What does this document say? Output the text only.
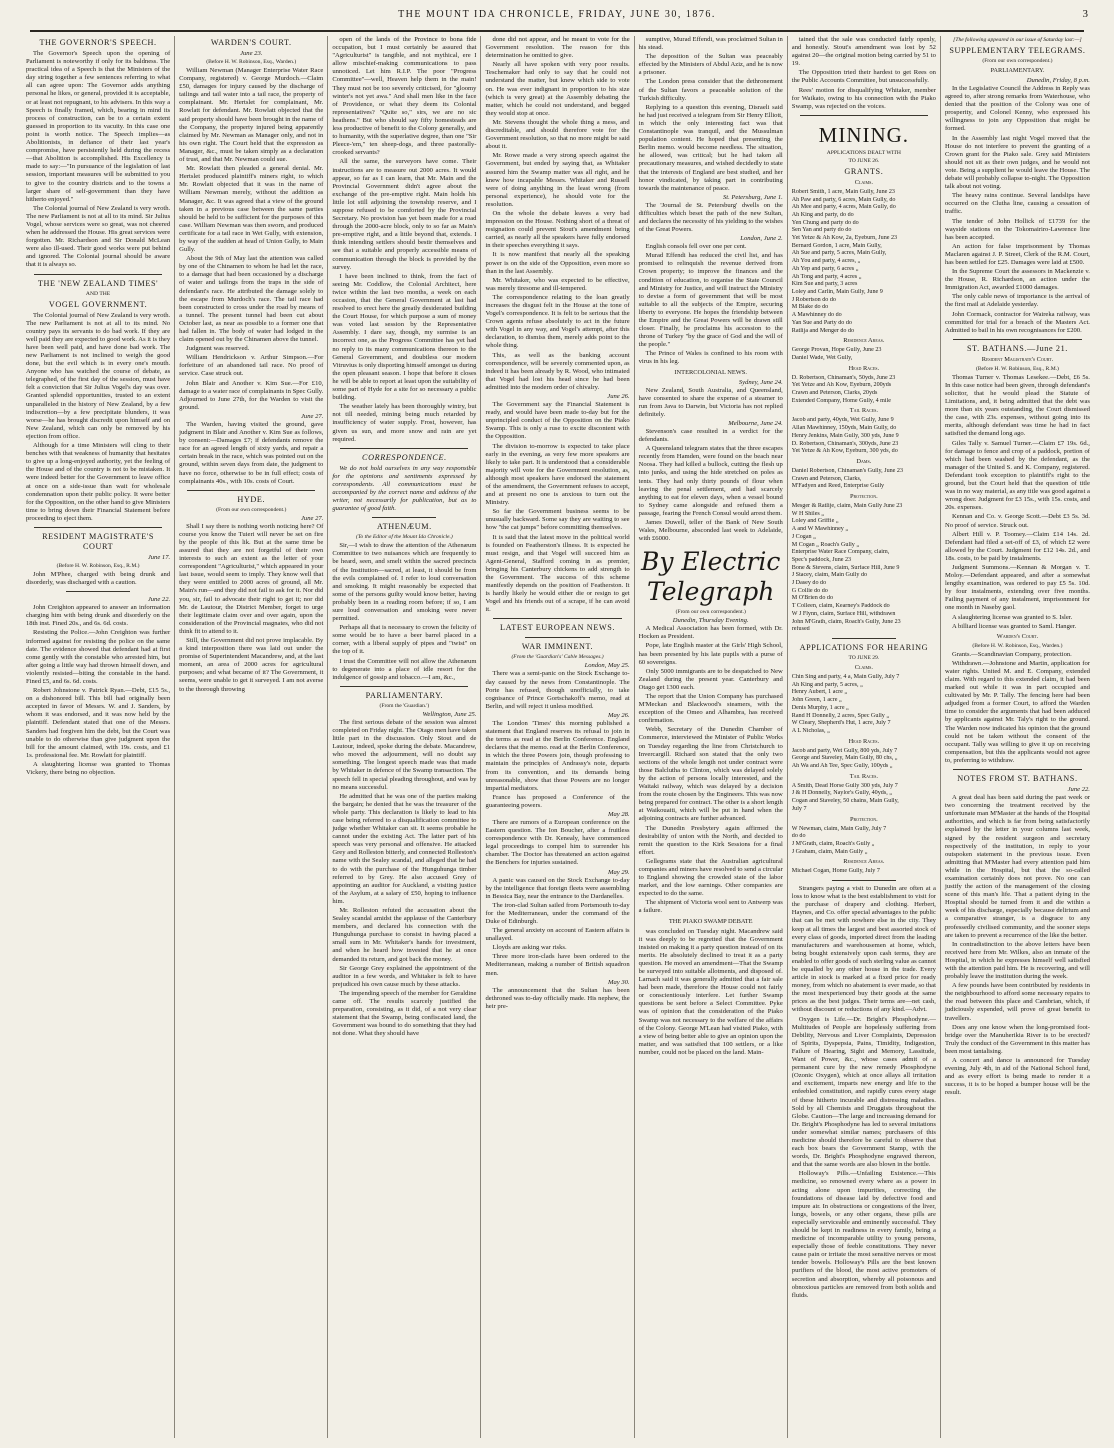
THE MOUNT IDA CHRONICLE, FRIDAY, JUNE 30, 1876.	3
THE GOVERNOR'S SPEECH.

The Governor's Speech upon the opening of Parliament is noteworthy if only for its baldness. The practical idea of a Speech is that the Ministers of the day string together a few sentences referring to what all can agree upon: The Governor adds anything personal he likes, or general, provided it is acceptable, or at least not repugnant, to his advisers. In this way a Speech is finally framed, which, bearing in mind its process of construction, can be to a certain extent guessed in proportion to its vacuity. In this case one point is worth notice. The Speech implies—as Abolitionists, in defiance of their last year's compromise, have persistently held during the recess—that Abolition is accomplished. His Excellency is made to say:—"In pursuance of the legislation of last session, important measures will be submitted to you to give to the country districts and to the towns a larger share of self-government than they have hitherto enjoyed."

The Colonial journal of New Zealand is very wroth. The new Parliament is not at all to its mind. Sir Julius Vogel, whose services were so great, was not cheered when he addressed the House. His great services were forgotten. Mr. Richardson and Sir Donald McLean were also ill-used. Their good works were put behind and ignored. The Colonial journal should be aware that it is always so.

THE 'NEW ZEALAND TIMES'
AND THE
VOGEL GOVERNMENT.

The Colonial journal of New Zealand is very wroth. The new Parliament is not at all to its mind. No country pays its servants to do bad work. If they are well paid they are expected to good work. As it is they have been well paid, and have done bad work. The new Parliament is not inclined to weigh the good done, but the evil which is in every one's mouth. Anyone who has watched the course of debate, as telegraphed, of the first day of the session, must have felt a conviction that Sir Julius Vogel's day was over. Granted splendid opportunities, trusted to an extent unparalleled in the history of New Zealand, by a few indiscretion—by a few precipitate blunders, it was worse—he has brought discredit upon himself and on New Zealand, which can only be removed by his ejection from office.

Although for a time Ministers will cling to their benches with that weakness of humanity that hesitates to give up a long-enjoyed authority, yet the feeling of the House and of the country is not to be mistaken. It were indeed better for the Government to leave office at once on a side-issue than wait for wholesale condemnation upon their public policy. It were better for the Opposition, on the other hand to give Ministers time to bring down their Financial Statement before proceeding to eject them.

RESIDENT MAGISTRATE'S COURT
June 17.
(Before H. W. Robinson, Esq., R.M.)

John M'Phee, charged with being drunk and disorderly, was discharged with a caution.

June 22.

John Creighton appeared to answer an information charging him with being drunk and disorderly on the 18th inst. Fined 20s., and 6s. 6d. costs.

Resisting the Police.—John Creighton was further informed against for resisting the police on the same date. The evidence showed that defendant had at first come gently with the constable who arrested him, but after going a little way had thrown himself down, and violently resisted—biting the constable in the hand. Fined £5, and 6s. 6d. costs.

Robert Johnstone v. Patrick Ryan.—Debt, £15 5s., on a dishonored bill. This bill had originally been accepted in favor of Messrs. W. and J. Sanders, by whom it was endorsed, and it was now held by the plaintiff. Defendant stated that one of the Messrs. Sanders had forgiven him the debt, but the Court was unable to do otherwise than give judgment upon the bill for the amount claimed, with 19s. costs, and £1 1s. professional fee. Mr. Rowlatt for plaintiff.

A slaughtering license was granted to Thomas Vickery, there being no objection.

WARDEN'S COURT.
June 23.
(Before H. W. Robinson, Esq., Warden.)

William Newman (Manager Enterprise Water Race Company, registered) v. George Murdoch.—Claim £50, damages for injury caused by the discharge of tailings and tail water into a tail race, the property of complainant. Mr. Hertslet for complainant, Mr. Rowlatt for defendant. Mr. Rowlatt objected that the said property should have been brought in the name of the Company, the property injured being apparently claimed by Mr. Newman as Manager only, and not in his own right. The Court held that the expression as Manager, &c., must be taken simply as a declaration of trust, and that Mr. Newman could sue.

Mr. Rowlatt then pleaded a general denial. Mr. Hertslet produced plaintiff's miners right, to which Mr. Rowlatt objected that it was in the name of William Newman merely, without the addition as Manager, &c. It was agreed that a view of the ground taken in a previous case between the same parties should be held to be sufficient for the purposes of this case. William Newman was then sworn, and produced certificate for a tail race in Wet Gully, with extension, by way of the sudden at head of Union Gully, to Main Gully.

About the 9th of May last the attention was called by one of the Chinamen to whom he had let the race, to a damage that had been occasioned by a discharge of water and tailings from the traps in the side of defendant's race. He attributed the damage solely to the escape from Murdoch's race. The tail race had been constructed to cross under the road by means of a tunnel. The present tunnel had been cut about October last, as near as possible to a former one that had fallen in. The body of water had lodged in the claim opened out by the Chinamen above the tunnel.

Judgment was reserved.

William Hendrickson v. Arthur Simpson.—For forfeiture of an abandoned tail race. No proof of service. Case struck out.

John Blair and Another v. Kim Sue.—For £10, damage to a water race of complainants in Spec Gully. Adjourned to June 27th, for the Warden to visit the ground.

June 27.

The Warden, having visited the ground, gave judgment in Blair and Another v. Kim Sue as follows, by consent:—Damages £7; if defendants remove the race for an agreed length of sixty yards, and repair a certain break in the race, which was pointed out on the ground, within seven days from date, the judgment to have no force, otherwise to be in full effect; costs of complainants 40s., with 10s. costs of Court.

HYDE.
(From our own correspondent.)
June 27.

Shall I say there is nothing worth noticing here? Of course you know the Tuieri will never be set on fire by the people of this lik. But at the same time be assured that they are not forgetful of their own interests to such an extent as the letter of your correspondent "Agriculturist," which appeared in your last issue, would seem to imply. They know well that they were entitled to 2000 acres of ground, all Mr. Main's run—and they did not fail to ask for it. Nor did you, sir, fail to advocate their right to get it; nor did Mr. de Lautour, the District Member, forget to urge their legitimate claim over and over again, upon the consideration of the Provincial magnates, who did not think fit to attend to it.

Still, the Government did not prove implacable. By a kind interposition there was laid out under the promise of Superintendent Macandrew, and, at the last moment, an area of 2000 acres for agricultural purposes; and what became of it? The Government, it seems, were unable to get it surveyed. I am not averse to the thorough throwing

open of the lands of the Province to bona fide occupation, but I must certainly be assured that "Agriculturist" is tangible, and not mythical, ere I allow mischief-making communications to pass unnoticed. Let him R.I.P. The poor "Progress Committee"—well, Heaven help them in the main! They must not be too severely criticised, for "gloomy winter's not yet awa." And shall men like in the face of Providence, or what they deem its Colonial representatives? "Quite so," sirs, we are no sic heathens." But who should say fifty homesteads are less productive of benefit to the Colony generally, and to humanity, with the superlative degree, than one "Sir Pleece-'em," ten sheep-dogs, and three pastorally-crooked servants?

All the same, the surveyors have come. Their instructions are to measure out 2000 acres. It would appear, so far as I can learn, that Mr. Main and the Provincial Government didn't agree about the exchange of the pre-emptive right. Main holds his little lot still adjoining the township reserve, and I suppose refused to be comforted by the Provincial Secretary. No provision has yet been made for a road through the 2000-acre block, only to so far as Main's pre-emptive right, and a little beyond that, extends. I think intending settlers should bestir themselves and see that a suitable and properly accessible means of communication through the block is provided by the survey.

I have been inclined to think, from the fact of seeing Mr. Coddlow, the Colonial Architect, here twice within the last two months, a week on each occasion, that the General Government at last had resolved to erect here the greatly desiderated building the Court House, for which purpose a sum of money was voted last session by the Representative Assembly. I dare say, though, my surmise is an incorrect one, as the Progress Committee has yet had no reply to its many communications thereon to the General Government, and doubtless our modern Vitruvius is only disporting himself amongst us during the open pleasant season. I hope that before it closes he will be able to report at least upon the suitability of some part of Hyde for a site for so necessary a public building.

The weather lately has been thoroughly wintry, but not till needed, mining being much retarded by insufficiency of water supply. Frost, however, has given us sun, and more snow and rain are yet required.

CORRESPONDENCE.

We do not hold ourselves in any way responsible for the opinions and sentiments expressed by correspondents. All communications must be accompanied by the correct name and address of the writer, not necessarily for publication, but as to guarantee of good faith.

ATHENÆUM.
(To the Editor of the Mount Ida Chronicle.)

Sir,—I wish to draw the attention of the Athenæum Committee to two nuisances which are frequently to be heard, seen, and smelt within the sacred precincts of the Institution—sacred, at least, it should be from the evils complained of. I refer to loud conversation and smoking. It might reasonably be expected that some of the persons guilty would know better, having probably been in a reading room before; if so, I am sure loud conversation and smoking were never permitted.

Perhaps all that is necessary to crown the felicity of some would be to have a beer barrel placed in a corner, with a liberal supply of pipes and "twist" on the top of it.

I trust the Committee will not allow the Athenæum to degenerate into a place of idle resort for the indulgence of gossip and tobacco.—I am, &c.,

PARLIAMENTARY.
(From the 'Guardian.')
Wellington, June 25.

The first serious debate of the session was almost completed on Friday night. The Otago men have taken little part in the discussion. Only Stout and de Lautour, indeed, spoke during the debate. Macandrew, who moved the adjournment, will no doubt say something. The longest speech made was that made by Whitaker in defence of the Swamp transaction. The speech fell in special pleading throughout, and was by no means successful.

He admitted that he was one of the parties making the bargain; he denied that he was the treasurer of the whole party. This declaration is likely to lead to his case being referred to a disqualification committee to judge whether Whitaker can sit. It seems probable he cannot under the existing Act. The latter part of his speech was very personal and offensive. He attacked Grey and Rolleston bitterly, and connected Rolleston's name with the Sealey scandal, and alleged that he had to do with the purchase of the Hunguhunga timber referred to by Grey. He also accused Grey of appointing an auditor for Auckland, a visiting justice of the Asylum, at a salary of £50, hoping to influence him.

Mr. Rolleston refuted the accusation about the Sealey scandal amidst the applause of the Canterbury members, and declared his connection with the Hunguhunga purchase to consist in having placed a small sum in Mr. Whitaker's hands for investment, and when he heard how invested that he at once demanded its return, and got back the money.

Sir George Grey explained the appointment of the auditor in a few words, and Whitaker is felt to have prejudiced his own cause much by these attacks.

The impending speech of the member for Geraldine came off. The results scarcely justified the preparation, consisting, as it did, of a not very clear statement that the Swamp, being confiscated land, the Government was bound to do something that they had not done. What they should have

done did not appear, and he meant to vote for the Government resolution. The reason for this determination he omitted to give.

Nearly all have spoken with very poor results. Teschemaker had only to say that he could not understand the matter, but knew which side to vote on. He was ever indignant in proportion to his size (which is very great) at the Assembly debating the matter, which he could not understand, and begged they would stop at once.

Mr. Stevens thought the whole thing a mess, and discreditable, and should therefore vote for the Government resolution, so that no more might be said about it.

Mr. Rowe made a very strong speech against the Government, but ended by saying that, as Whitaker assured him the Swamp matter was all right, and he knew how incapable Messrs. Whitaker and Russell were of doing anything in the least wrong (from personal experience), he should vote for the resolution.

On the whole the debate leaves a very bad impression on the House. Nothing short of a threat of resignation could prevent Stout's amendment being carried, as nearly all the speakers have fully endorsed in their speeches everything it says.

It is now manifest that nearly all the speaking power is on the side of the Opposition, even more so than in the last Assembly.

Mr. Whitaker, who was expected to be effective, was merely tiresome and ill-tempered.

The correspondence relating to the loan greatly increases the disgust felt in the House at the tone of Vogel's correspondence. It is felt to be serious that the Crown agents refuse absolutely to act in the future with Vogel in any way, and Vogel's attempt, after this declaration, to dismiss them, merely adds point to the whole thing.

This, as well as the banking account correspondence, will be severely commented upon, as indeed it has been already by R. Wood, who intimated that Vogel had lost his head since he had been admitted into the modern order of chivalry.

June 26.

The Government say the Financial Statement is ready, and would have been made to-day but for the unprincipled conduct of the Opposition on the Piako Swamp. This is only a ruse to excite discontent with the Opposition.

The division to-morrow is expected to take place early in the evening, as very few more speakers are likely to take part. It is understood that a considerable majority will vote for the Government resolution, as, although most speakers have endorsed the statement of the amendment, the Government refuses to accept, and at present no one is anxious to turn out the Ministry.

So far the Government business seems to be unusually backward. Some say they are waiting to see how "the cat jumps" before committing themselves.

It is said that the latest move in the political world is founded on Featherston's illness. It is expected he must resign, and that Vogel will succeed him as Agent-General, Stafford coming in as premier, bringing his Canterbury chickens to add strength to the Government. The success of this scheme manifestly depends on the position of Featherston. It is hardly likely he would either die or resign to get Vogel and his friends out of a scrape, if he can avoid it.

LATEST EUROPEAN NEWS.
WAR IMMINENT.
(From the 'Guardian's' Cable Messages.)
London, May 25.

There was a semi-panic on the Stock Exchange to-day caused by the news from Constantinople. The Porte has refused, though unofficially, to take cognisance of Prince Gortschakoff's memo, read at Berlin, and will reject it unless modified.

May 26.

The London 'Times' this morning published a statement that England reserves its refusal to join in the terms as read at the Berlin Conference. England declares that the memo. read at the Berlin Conference, in which the three Powers join, though professing to maintain the principles of Andrassy's note, departs from its convention, and its demands being unreasonable, show that those Powers are no longer impartial mediators.

France has proposed a Conference of the guaranteeing powers.

May 28.

There are rumors of a European conference on the Eastern question. The Ion Boucher, after a fruitless correspondence with Dr. Kenealy, have commenced legal proceedings to compel him to surrender his chamber. The Doctor has threatened an action against the Benchers for injuries sustained.

May 29.

A panic was caused on the Stock Exchange to-day by the intelligence that foreign fleets were assembling in Bessica Bay, near the entrance to the Dardanelles.

The iron-clad Sultan sailed from Portsmouth to-day for the Mediterranean, under the command of the Duke of Edinburgh.

The general anxiety on account of Eastern affairs is unallayed.

Lloyds are asking war risks.

Three more iron-clads have been ordered to the Mediterranean, making a number of British squadron men.

May 30.

The announcement that the Sultan has been dethroned was to-day officially made. His nephew, the heir pre-

sumptive, Murad Effendi, was proclaimed Sultan in his stead.

The deposition of the Sultan was peaceably effected by the Ministers of Abdul Aziz, and he is now a prisoner.

The London press consider that the dethronement of the Sultan favors a peaceable solution of the Turkish difficulty.

Replying to a question this evening, Disraeli said he had just received a telegram from Sir Henry Elliott, in which the only interesting fact was that Constantinople was tranquil, and the Mussulman population content. He hoped that presenting the Berlin memo. would become needless. The situation, he allowed, was critical; but he had taken all precautionary measures, and wished decidedly to state that the interests of England are best studied, and her honor vindicated, by taking part in contributing towards the maintenance of peace.

St. Petersburg, June 1.

The 'Journal de St. Petersburg' dwells on the difficulties which beset the path of the new Sultan, and declares the necessity of his yielding to the wishes of the Great Powers.

London, June 2.

English consols fell over one per cent.

Murad Effendi has reduced the civil list, and has promised to relinquish the revenue derived from Crown property; to improve the finances and the condition of education, to organise the State Council and Ministry for Justice, and will instruct the Ministry to devise a form of government that will be most suitable to all the subjects of the Empire, securing liberty to everyone. He hopes the friendship between the Empire and the Great Powers will be drawn still closer. Finally, he proclaims his accession to the throne of Turkey "by the grace of God and the will of the people."

The Prince of Wales is confined to his room with virus in his leg.

INTERCOLONIAL NEWS.
Sydney, June 24.

New Zealand, South Australia, and Queensland, have consented to share the expense of a steamer to run from Java to Darwin, but Victoria has not replied definitely.

Melbourne, June 24.

Stevenson's case resulted in a verdict for the defendants.

A Queensland telegram states that the three escapes recently from Hamden, were found on the beach near Noosa. They had killed a bullock, cutting the flesh up into junks, and using the hide stretched on poles as tents. They had only thirty pounds of flour when leaving the penal settlement, and had scarcely anything to eat for eleven days, when a vessel bound to Sydney came alongside and refused them a passage, fearing the French Consul would arrest them.

James Duwell, teller of the Bank of New South Wales, Melbourne, absconded last week to Adelaide, with £6000.

By Electric Telegraph
(From our own correspondent.)
Dunedin, Thursday Evening.

A Medical Association has been formed, with Dr. Hocken as President.

Pope, late English master at the Girls' High School, has been presented by his late pupils with a purse of 60 sovereigns.

Only 5000 immigrants are to be despatched to New Zealand during the present year. Canterbury and Otago get 1300 each.

The report that the Union Company has purchased M'Meckan and Blackwood's steamers, with the exception of the Omeo and Alhambra, has received confirmation.

Webb, Secretary of the Dunedin Chamber of Commerce, interviewed the Minister of Public Works on Tuesday regarding the line from Christchurch to Invercargill. Richard son stated that the only two sections of the whole length not under contract were those Balclutha to Clinton, which was delayed solely by the action of persons locally interested, and the Waitaki railway, which was delayed by a decision from the route chosen by the Engineers. This was now being prepared for contract. The other is a short length at Waikouaiti, which will be put in hand when the adjoining contracts are further advanced.

The Dunedin Presbytery again affirmed the desirability of union with the North, and decided to remit the question to the Kirk Sessions for a final effort.

Gellegrams state that the Australian agricultural companies and miners have resolved to send a circular to England showing the crowded state of the labor market, and the low earnings. Other companies are expected to do the same.

The shipment of Victoria wool sent to Antwerp was a failure.

THE PIAKO SWAMP DEBATE

was concluded on Tuesday night. Macandrew said it was deeply to be regretted that the Government insisted on making it a party question instead of on its merits. He absolutely declined to treat it as a party question. He moved an amendment—That the Swamp be surveyed into suitable allotments, and disposed of. Larnach said it was generally admitted that a fair sale had been made, therefore the House could not fairly or conscientiously interfere. Let further Swamp questions be sent before a Select Committee. Pyke was of opinion that the consideration of the Piako Swamp was not necessary to the welfare of the affairs of the Colony. George M'Lean had visited Piako, with a view of being better able to give an opinion upon the matter, and was satisfied that 100 settlers, or a like number, could not be placed on the land. Main-

tained that the sale was conducted fairly openly, and honestly. Stout's amendment was lost by 52 against 20—the original motion being carried by 51 to 19.

The Opposition tried their hardest to get Rees on the Public Accounts Committee, but unsuccessfully.

Rees' motion for disqualifying Whitaker, member for Waikato, owing to his connection with the Piako Swamp, was rejected on the voices.

MINING.
APPLICATIONS DEALT WITH
TO JUNE 26.
GRANTS.
Claims.
Robert Smith, 1 acre, Main Gully, June 23
Ah Paw and party, 6 acres, Main Gully, do
Ah Mee and party, 4 acres, Main Gully, do
Ah King and party, do do
Yen Chung and party do do
Sen Yan and party do do
Yet Yetze & Ah Kow, 2a, Eyeburn, June 23
Bernard Gordon, 1 acre, Main Gully,
Ah Sue and party, 5 acres, Main Gully,
Ah You and party, 4 acres, „
Ah Yep and party, 6 acres „
Ah Tong and party, 4 acres „
Kim Sue and party, 3 acres
Loley and Carlin, Main Gully, June 9
J Robertson do do
M Blake do do
A Mawhinney do do
Yan Sue and Party do do
Ratlija and Menger do do
Residence Areas.
George Provan, Hope Gully, June 23
Daniel Wade, Wet Gully,
Head Races.
D. Robertson, Chinaman's, 50yds, June 23
Yet Yetze and Ah Kow, Eyeburn, 200yds
Crawn and Peterson, Clarks, 20yds
Extended Company, Home Gully, 4 mile
Tail Races.
Jacob and party, 40yds, Wet Gully, June 9
Allan Mawhinney, 150yds, Main Gully, do
Henry Jenkins, Main Gully, 300 yds, June 9
D. Robertson, Chinaman's, 300yds, June 23
Yet Yetze & Ah Kow, Eyeburn, 300 yds, do
Dams.
Daniel Robertson, Chinaman's Gully, June 23
Crawn and Peterson, Clarks,
M'Fadyen and Reed, Enterprise Gully
Protection.
Mesger & Ratlije, claim, Main Gully June 23
W H Shiles „
Loley and Griffie „
A and W Mawhinney „
J Cogan „
M Cogan „ Roach's Gully „
Enterprise Water Race Company, claim,
Spec's paddock, June 23
Bone & Stevens, claim, Surface Hill, June 9
J Stacey, claim, Main Gully do
J Dasey do do
G Collie do do
M O'Brien do do
T Colleen, claim, Kearney's Paddock do
W J Flynn, claim, Surface Hill, withdrawn
John M'Grath, claim, Roach's Gully, June 23
refused
APPLICATIONS FOR HEARING
TO JUNE 29.
Claims.
Chin Sing and party, 4 a, Main Gully, July 7
Ah King and party, 5 acres, „
Henry Aubert, 1 acre „
John Green, 1 acre „
Denis Murphy, 1 acre „
Rand H Donnelly, 2 acres, Spec Gully „
W Cleary, Shepherd's Hut, 1 acre, July 7
A L Nicholas, „
Head Races.
Jacob and party, Wet Gully, 800 yds, July 7
George and Staveley, Main Gully, 80 chs, „
Ah Wa and Ah Tee, Spec Gully, 100yds „
Tail Races.
A Smith, Dead Horse Gully 300 yds, July 7
J & H Donnelly, Naylor's Gully, 40yds, „
Cogan and Staveley, 50 chains, Main Gully,
July 7
Protection.
W Newman, claim, Main Gully, July 7
do do
J M'Grath, claim, Roach's Gully „
J Graham, claim, Main Gully „
Residence Areas.
Michael Cogan, Home Gully, July 7

Strangers paying a visit to Dunedin are often at a loss to know what is the best establishment to visit for the purchase of drapery and clothing. Herbert, Haynes, and Co. offer special advantages to the public that can be met with nowhere else in the city. They keep at all times the largest and best assorted stock of every class of goods, imported direct from the leading manufacturers and warehousemen at home, which, being bought extensively upon cash terms, they are enabled to offer goods of such sterling value as cannot be equalled by any other house in the trade. Every article in stock is marked at a fixed price for ready money, from which no abatement is ever made, so that the most inexperienced buy their goods at the same prices as the best judges. Their terms are—net cash, without discount or reductions of any kind.—Advt.

Oxygen is Life.—Dr. Bright's Phosphodyne.—Multitudes of People are hopelessly suffering from Debility, Nervous and Liver Complaints, Depression of Spirits, Dyspepsia, Pains, Timidity, Indigestion, Failure of Hearing, Sight and Memory, Lassitude, Want of Power, &c., whose cases admit of a permanent cure by the new remedy Phosphodyne (Ozonic Oxygen), which at once allays all irritation and excitement, imparts new energy and life to the enfeebled constitution, and rapidly cures every stage of these hitherto incurable and distressing maladies. Sold by all Chemists and Druggists throughout the Globe. Caution—The large and increasing demand for Dr. Bright's Phosphodyne has led to several imitations under somewhat similar names; purchasers of this medicine should therefore be careful to observe that each box bears the Government Stamp, with the words, Dr. Bright's Phosphodyne engraved thereon, and that the same words are also blown in the bottle.

Holloway's Pills.—Unfailing Existence.—This medicine, so renowned every where as a power in acting alone upon impurities, correcting the foundations of disease laid by defective food and impure air. In obstructions or congestions of the liver, lungs, bowels, or any other organs, these pills are especially serviceable and eminently successful. They should be kept in readiness in every family, being a medicine of incomparable utility to young persons, especially those of feeble constitutions. They never cause pain or irritate the most sensitive nerves or most tender bowels. Holloway's Pills are the best known purifiers of the blood, the most active promoters of secretion and absorption, whereby all poisonous and obnoxious particles are removed from both solids and fluids.

[The following appeared in our issue of Saturday last:—]
SUPPLEMENTARY TELEGRAMS.
(From our own correspondent.)
PARLIAMENTARY.
Dunedin, Friday, 8 p.m.

In the Legislative Council the Address in Reply was agreed to, after strong remarks from Waterhouse, who denied that the position of the Colony was one of prosperity, and Colonel Kenny, who expressed his willingness to join any Opposition that might be formed.

In the Assembly last night Vogel moved that the House do not interfere to prevent the granting of a Crown grant for the Piako sale. Grey said Ministers should not sit as their own judges, and he would not vote. Being a supplient he would leave the House. The debate will probably collapse to-night. The Opposition talk about not voting.

The heavy rains continue. Several landslips have occurred on the Clutha line, causing a cessation of traffic.

The tender of John Hollick of £1739 for the wayside stations on the Tokomairiro-Lawrence line has been accepted.

An action for false imprisonment by Thomas Maclaren against J. P. Street, Clerk of the R.M. Court, has been settled for £25. Damages were laid at £500.

In the Supreme Court the assessors in Mackenzie v. the House, R. Richardson, an action under the Immigration Act, awarded £1000 damages.

The only cable news of importance is the arrival of the first mail at Adelaide yesterday.

John Cormack, contractor for Waireka railway, was committed for trial for a breach of the Masters Act. Admitted to bail in his own recognisances for £200.

ST. BATHANS.—June 21.
Resident Magistrate's Court.
(Before H. W. Robinson, Esq., R.M.)

Thomas Turner v. Thomas Lesekee.—Debt, £6 5s. In this case notice had been given, through defendant's solicitor, that he would plead the Statute of Limitations, and, it being admitted that the debt was more than six years outstanding, the Court dismissed the case, with 23s. expenses, without going into its merits, although defendant was time he had in fact satisfied the demand long ago.

Giles Tally v. Samuel Turner.—Claim £7 19s. 6d., for damage to fence and crop of a paddock, portion of which had been washed by the defendant, as the manager of the United S. and K. Company, registered. Defendant took exception to plaintiff's right to the ground, but the Court held that the question of title was in no way material, as any title was good against a wrong doer. Judgment for £3 15s., with 15s. costs, and 20s. expenses.

Kennan and Co. v. George Scott.—Debt £3 5s. 3d. No proof of service. Struck out.

Albert Hill v. P. Toomey.—Claim £14 14s. 2d. Defendant had filed a set-off of £3, of which £2 were allowed by the Court. Judgment for £12 14s. 2d., and 18s. costs, to be paid by instalments.

Judgment Summons.—Kennan & Morgan v. T. Moloy.—Defendant appeared, and after a somewhat lengthy examination, was ordered to pay £5 5s. 10d. by four instalments, extending over five months. Failing payment of any instalment, imprisonment for one month in Naseby gaol.

A slaughtering license was granted to S. Isler.

A billiard license was granted to Saml. Hanger.

Warden's Court.
(Before H. W. Robinson, Esq., Warden.)

Grants.—Scandinavian Company, protection.

Withdrawn.—Johnstone and Martin, application for water rights. United M. and E. Company, extended claim. With regard to this extended claim, it had been marked out while it was in part occupied and cultivated by Mr. P. Tally. The fencing here had been adjudged from a former Court, to afford the Warden time to consider the arguments that had been adduced by applicants against Mr. Taly's right to the ground. The Warden now indicated his opinion that the ground could not be taken without the consent of the occupant. Tally was willing to give it up on receiving compensation, but this the applicants would not agree to, preferring to withdraw.

NOTES FROM ST. BATHANS.
June 22.

A great deal has been said during the past week or two concerning the treatment received by the unfortunate man M'Master at the hands of the Hospital authorities, and which is far from being satisfactorily explained by the letter in your columns last week, signed by the resident surgeon and secretary respectively of the institution, in reply to your outspoken statement in the previous issue. Even admitting that M'Master had every attention paid him while in the Hospital, but that the so-called examination certainly does not prove. No one can justify the action of the management of the closing scene of this man's life. That a patient dying in the Hospital should be turned from it and die within a week of his discharge, especially because delirium and a comparative stranger, is a disgrace to any professedly civilised community, and the sooner steps are taken to prevent a recurrence of the like the better.

In contradistinction to the above letters have been received here from Mr. Wilkes, also an inmate of the Hospital, in which he expresses himself well satisfied with the attention paid him. He is recovering, and will probably leave the institution during the week.

A few pounds have been contributed by residents in the neighbourhood to afford some necessary repairs to the road between this place and Cambrian, which, if judiciously expended, will prove of great benefit to travellers.

Does any one know when the long-promised foot-bridge over the Manuherikia River is to be erected? Truly the conduct of the Government in this matter has been most tantalising.

A concert and dance is announced for Tuesday evening, July 4th, in aid of the National School fund, and as every effort is being made to render it a success, it is to be hoped a bumper house will be the result.
